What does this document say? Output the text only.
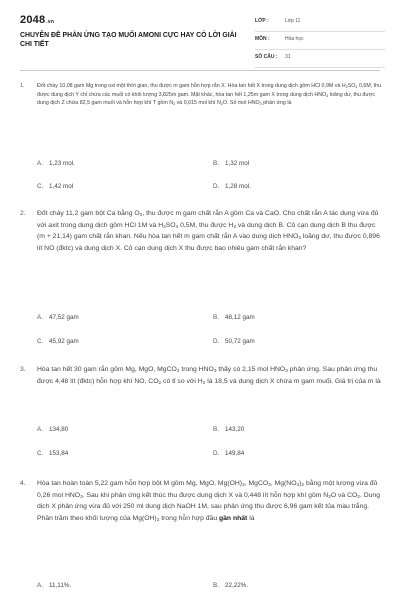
2048.vn
CHUYÊN ĐỀ PHẢN ỨNG TẠO MUỐI AMONI CỰC HAY CÓ LỜI GIẢI CHI TIẾT
LỚP :	Lớp 11
MÔN :	Hóa học
SỐ CÂU : 31
1. Đốt cháy 10,08 gam Mg trong oxi một thời gian, thu được m gam hỗn hợp rắn X. Hòa tan hết X trong dung dịch gồm HCl 0,9M và $H_2SO_4$ 0,6M, thu được dung dịch Y chỉ chứa các muối có khối lượng 3,825m gam. Mặt khác, hòa tan hết 1,25m gam X trong dung dịch $HNO_3$ loãng dư, thu được dung dịch Z chứa 82,5 gam muối và hỗn hợp khí T gồm $N_2$ và 0,015 mol khí $N_2O$. Số mol $HNO_3$ phản ứng là
A. 1,23 mol.	B. 1,32 mol
C. 1,42 mol	D. 1,28 mol.
2. Đốt cháy 11,2 gam bột Ca bằng $O_2$, thu được m gam chất rắn A gồm Ca và CaO. Cho chất rắn A tác dụng vừa đủ với axit trong dung dịch gồm HCl 1M và $H_2SO_4$ 0,5M, thu được $H_2$ và dung dịch B. Cô cạn dung dịch B thu được (m + 21,14) gam chất rắn khan. Nếu hòa tan hết m gam chất rắn A vào dung dịch $HNO_3$ loãng dư, thu được 0,896 lít NO (đktc) và dung dịch X. Cô cạn dung dịch X thu được bao nhiêu gam chất rắn khan?
A. 47,52 gam	B. 48,12 gam
C. 45,92 gam	D. 50,72 gam
3. Hòa tan hết 30 gam rắn gồm Mg, MgO, MgCO$_3$ trong $HNO_3$ thấy có 2,15 mol $HNO_3$ phản ứng. Sau phản ứng thu được 4,48 lít (đktc) hỗn hợp khí NO, $CO_2$ có tỉ so với $H_2$ là 18,5 và dung dịch X chứa m gam muối. Giá trị của m là
A. 134,80	B. 143,20
C. 153,84	D. 149,84
4. Hòa tan hoàn toàn 5,22 gam hỗn hợp bột M gồm Mg, MgO, $Mg(OH)_2$, MgCO$_3$, $Mg(NO_3)_2$ bằng một lượng vừa đủ 0,26 mol $HNO_3$. Sau khi phản ứng kết thúc thu được dung dịch X và 0,448 lít hỗn hợp khí gồm $N_2O$ và $CO_2$. Dung dịch X phản ứng vừa đủ với 250 ml dung dịch NaOH 1M, sau phản ứng thu được 6,96 gam kết tủa màu trắng. Phần trăm theo khối lượng của $Mg(OH)_2$ trong hỗn hợp đầu gần nhất là
A. 11,11%.	B. 22,22%.
